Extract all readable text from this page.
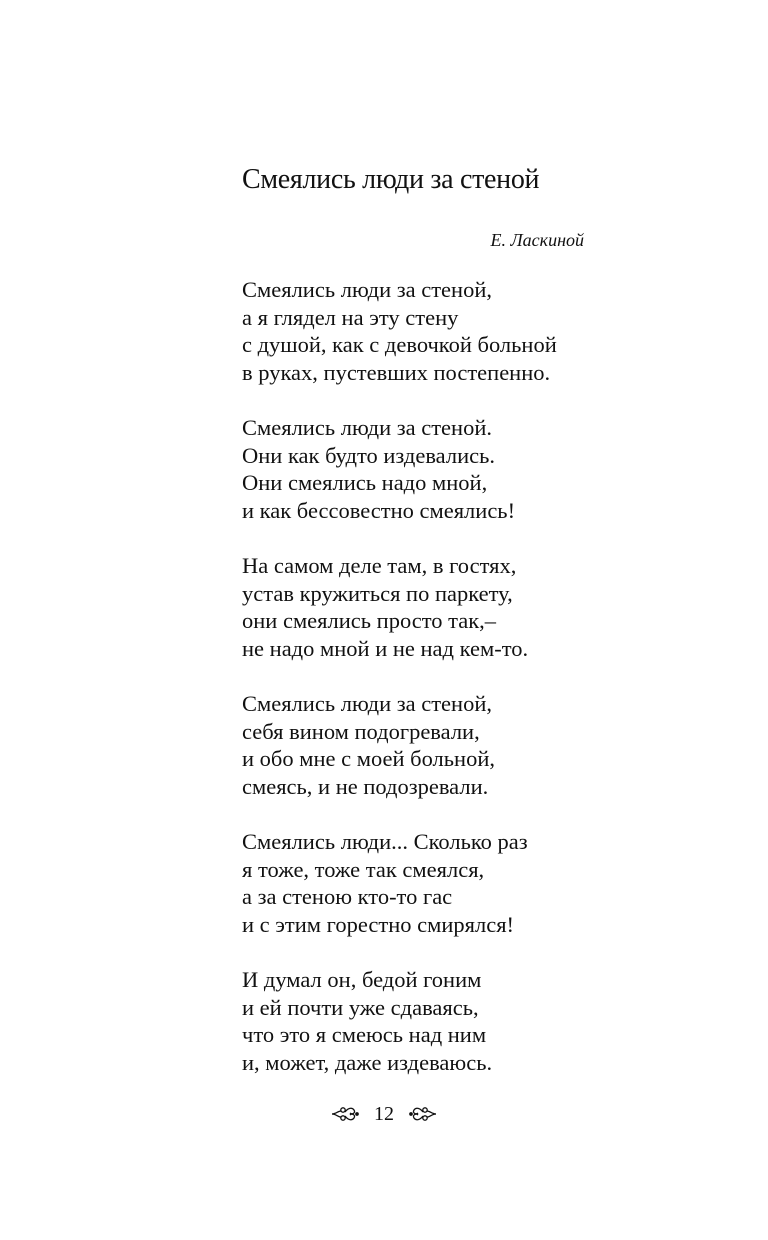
Смеялись люди за стеной
Е. Ласкиной
Смеялись люди за стеной,
а я глядел на эту стену
с душой, как с девочкой больной
в руках, пустевших постепенно.
Смеялись люди за стеной.
Они как будто издевались.
Они смеялись надо мной,
и как бессовестно смеялись!
На самом деле там, в гостях,
устав кружиться по паркету,
они смеялись просто так,–
не надо мной и не над кем-то.
Смеялись люди за стеной,
себя вином подогревали,
и обо мне с моей больной,
смеясь, и не подозревали.
Смеялись люди... Сколько раз
я тоже, тоже так смеялся,
а за стеною кто-то гас
и с этим горестно смирялся!
И думал он, бедой гоним
и ей почти уже сдаваясь,
что это я смеюсь над ним
и, может, даже издеваюсь.
12
